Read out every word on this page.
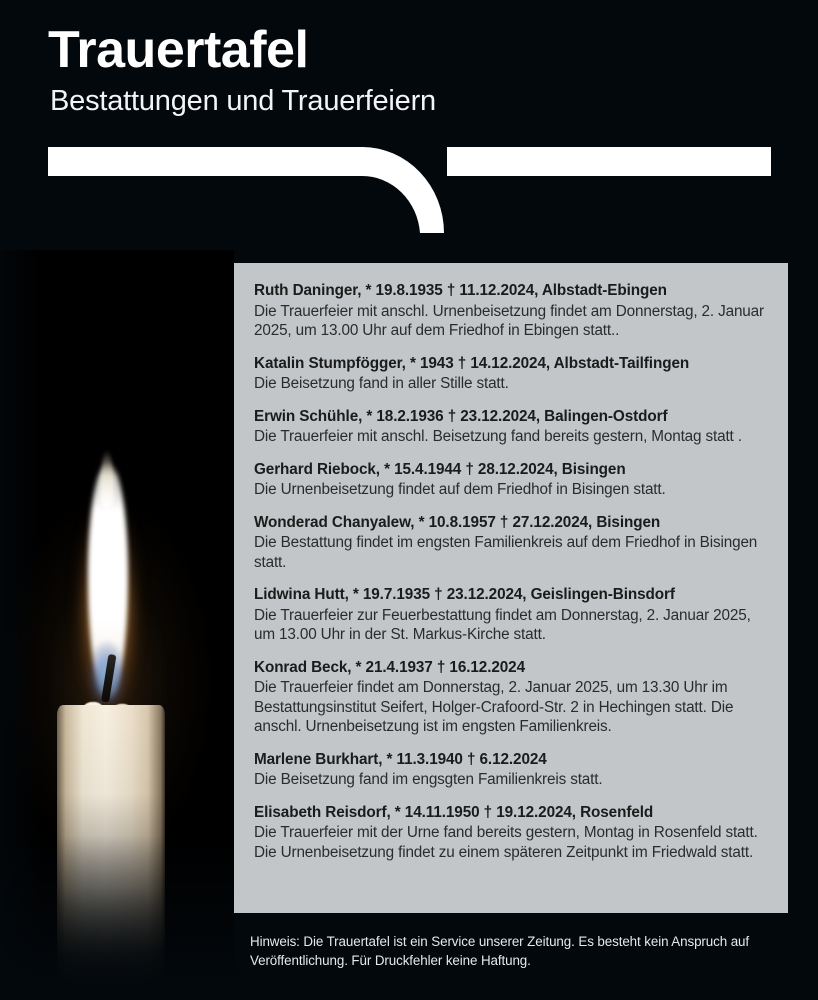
Trauertafel
Bestattungen und Trauerfeiern
Ruth Daninger, * 19.8.1935 † 11.12.2024, Albstadt-Ebingen
Die Trauerfeier mit anschl. Urnenbeisetzung findet am Donnerstag, 2. Januar 2025, um 13.00 Uhr auf dem Friedhof in Ebingen statt..
Katalin Stumpfögger, * 1943 † 14.12.2024, Albstadt-Tailfingen
Die Beisetzung fand in aller Stille statt.
Erwin Schühle, * 18.2.1936 † 23.12.2024, Balingen-Ostdorf
Die Trauerfeier mit anschl. Beisetzung fand bereits gestern, Montag statt .
Gerhard Riebock, * 15.4.1944 † 28.12.2024, Bisingen
Die Urnenbeisetzung findet auf dem Friedhof in Bisingen statt.
Wonderad Chanyalew, * 10.8.1957 † 27.12.2024, Bisingen
Die Bestattung findet im engsten Familienkreis auf dem Friedhof in Bisingen statt.
Lidwina Hutt, * 19.7.1935 † 23.12.2024, Geislingen-Binsdorf
Die Trauerfeier zur Feuerbestattung findet am Donnerstag, 2. Januar 2025, um 13.00 Uhr in der St. Markus-Kirche statt.
Konrad Beck, * 21.4.1937 † 16.12.2024
Die Trauerfeier findet am Donnerstag, 2. Januar 2025, um 13.30 Uhr im Bestattungsinstitut Seifert, Holger-Crafoord-Str. 2 in Hechingen statt. Die anschl. Urnenbeisetzung ist im engsten Familienkreis.
Marlene Burkhart, * 11.3.1940 † 6.12.2024
Die Beisetzung fand im engsgten Familienkreis statt.
Elisabeth Reisdorf, * 14.11.1950 † 19.12.2024, Rosenfeld
Die Trauerfeier mit der Urne fand bereits gestern, Montag in Rosenfeld statt. Die Urnenbeisetzung findet zu einem späteren Zeitpunkt im Friedwald statt.
Hinweis: Die Trauertafel ist ein Service unserer Zeitung. Es besteht kein Anspruch auf Veröffentlichung. Für Druckfehler keine Haftung.
